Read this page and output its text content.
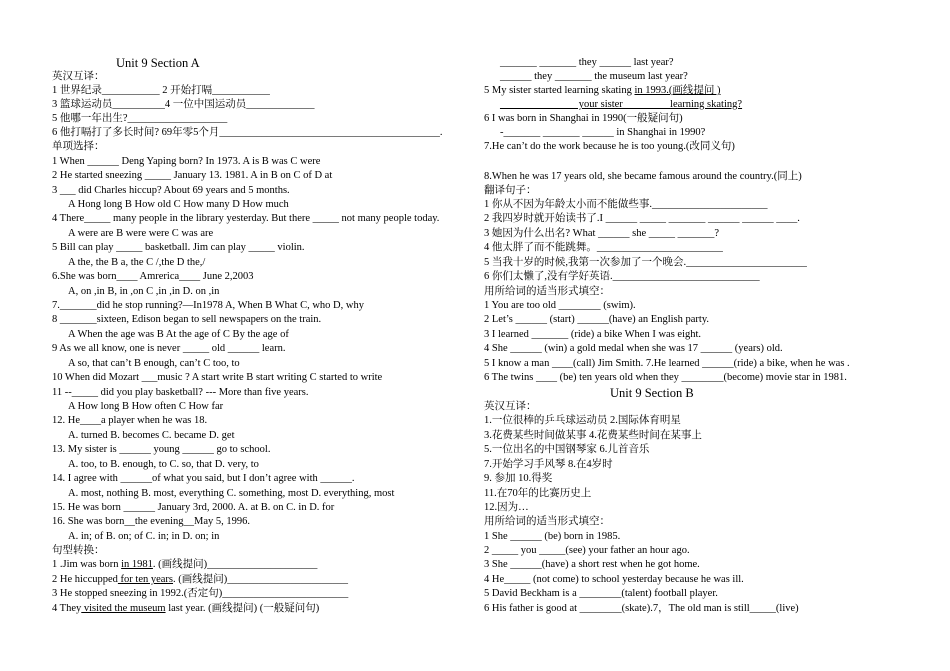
Unit 9 Section A
英汉互译：
1 世界纪录___________ 2 开始打嗝___________
3 篮球运动员__________4 一位中国运动员_____________
5 他哪一年出生?___________________
6 他打嗝打了多长时间? 69年零5个月__________________________________________.
单项选择：
1 When ______ Deng Yaping born? In 1973. A is B was C were
2 He started sneezing _____ January 13. 1981. A in B on C of D at
3 ___ did Charles hiccup? About 69 years and 5 months.
A Hong long B How old C How many D How much
4 There_____ many people in the library yesterday. But there _____ not many people today.
A were are B were were C was are
5 Bill can play _____ basketball. Jim can play _____ violin.
A the, the B a, the C /,the D the,/
6.She was born____ Amrerica____ June 2,2003
A, on ,in B, in ,on C ,in ,in D. on ,in
7._______did he stop running?—In1978 A, When B What C, who D, why
8 _______sixteen, Edison began to sell newspapers on the train.
A When the age was B At the age of C By the age of
9 As we all know, one is never _____ old ______ learn.
A so, that can’t B enough, can’t C too, to
10 When did Mozart ___music ? A start write B start writing C started to write
11 --_____ did you play basketball? --- More than five years.
A How long B How often C How far
12. He____a player when he was 18.
A. turned B. becomes C. became D. get
13. My sister is ______ young ______ go to school.
A. too, to B. enough, to C. so, that D. very, to
14. I agree with ______of what you said, but I don’t agree with ______.
A. most, nothing B. most, everything C. something, most D. everything, most
15. He was born ______ January 3rd, 2000. A. at B. on C. in D. for
16. She was born__the evening__May 5, 1996.
A. in; of B. on; of C. in; in D. on; in
句型转换：
1 .Jim was born in 1981. (画线提问)_____________________
2 He hiccupped for ten years. (画线提问)_______________________
3 He stopped sneezing in 1992.(否定句)________________________
4 They visited the museum last year. (画线提问) (一般疑问句)
_______ _______ they ______ last year?
______ they _______ the museum last year?
5 My sister started learning skating in 1993.(画线提问 )
______ ________ your sister ________ learning skating?
6 I was born in Shanghai in 1990(一般疑问句)
-_______ _______ ______ in Shanghai in 1990?
7.He can’t do the work because he is too young.(改同义句)
8.When he was 17 years old, she became famous around the country.(同上)
翻译句子：
1 你从不因为年龄太小而不能做些事.______________________
2 我四岁时就开始读书了.I ______ _____ _______ ______ ______ ____.
3 她因为什么出名? What ______ she _____ _______?
4 他太胖了而不能跳舞。________________________
5 当我十岁的时候,我第一次参加了一个晚会._______________________
6 你们太懒了,没有学好英语.____________________________
用所给词的适当形式填空：
1 You are too old ________ (swim).
2 Let’s ______ (start) ______(have) an English party.
3 I learned _______ (ride) a bike When I was eight.
4 She ______ (win) a gold medal when she was 17 ______ (years) old.
5 I know a man ____(call) Jim Smith. 7.He learned ______(ride) a bike, when he was .
6 The twins ____ (be) ten years old when they ________(become) movie star in 1981.
Unit 9 Section B
英汉互译：
1.一位很棒的乒乓球运动员 2.国际体育明星
3.花费某些时间做某事 4.花费某些时间在某事上
5.一位出名的中国钢琴家 6.儿首音乐
7.开始学习手风琴 8.在4岁时
9. 参加 10.得奖
11.在70年的比赛历史上
12.因为…
用所给词的适当形式填空：
1 She ______ (be) born in 1985.
2 _____ you _____(see) your father an hour ago.
3 She ______(have) a short rest when he got home.
4 He_____ (not come) to school yesterday because he was ill.
5 David Beckham is a ________(talent) football player.
6 His father is good at ________(skate).7，The old man is still_____(live)
